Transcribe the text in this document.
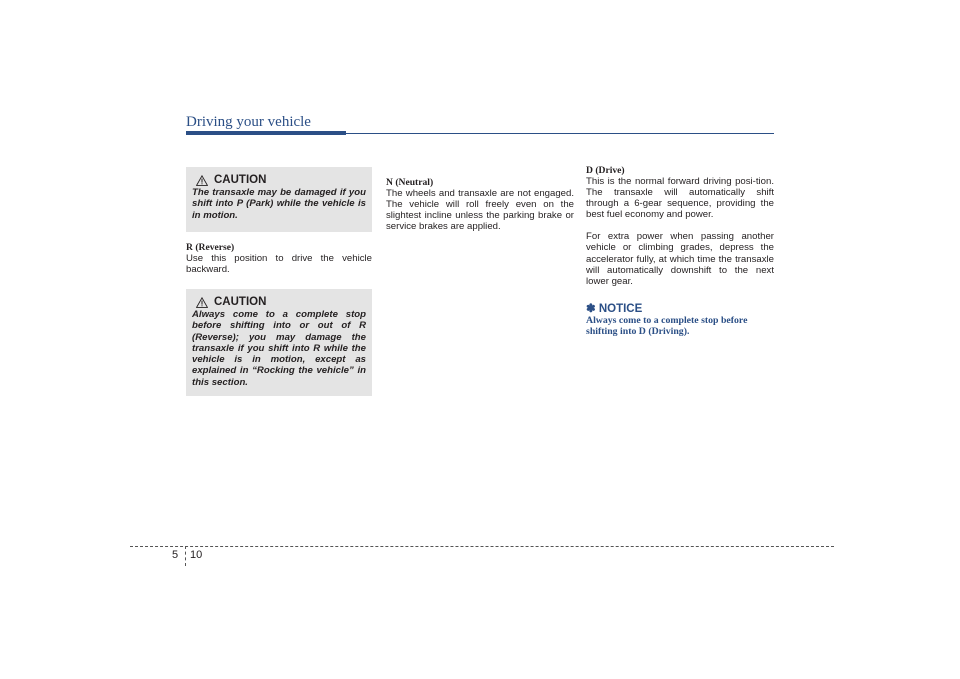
Driving your vehicle
CAUTION
The transaxle may be damaged if you shift into P (Park) while the vehicle is in motion.
R (Reverse)
Use this position to drive the vehicle backward.
CAUTION
Always come to a complete stop before shifting into or out of R (Reverse); you may damage the transaxle if you shift into R while the vehicle is in motion, except as explained in “Rocking the vehicle” in this section.
N (Neutral)
The wheels and transaxle are not engaged. The vehicle will roll freely even on the slightest incline unless the parking brake or service brakes are applied.
D (Drive)
This is the normal forward driving posi-tion. The transaxle will automatically shift through a 6-gear sequence, providing the best fuel economy and power.
For extra power when passing another vehicle or climbing grades, depress the accelerator fully, at which time the transaxle will automatically downshift to the next lower gear.
✽ NOTICE
Always come to a complete stop before shifting into D (Driving).
5 10
